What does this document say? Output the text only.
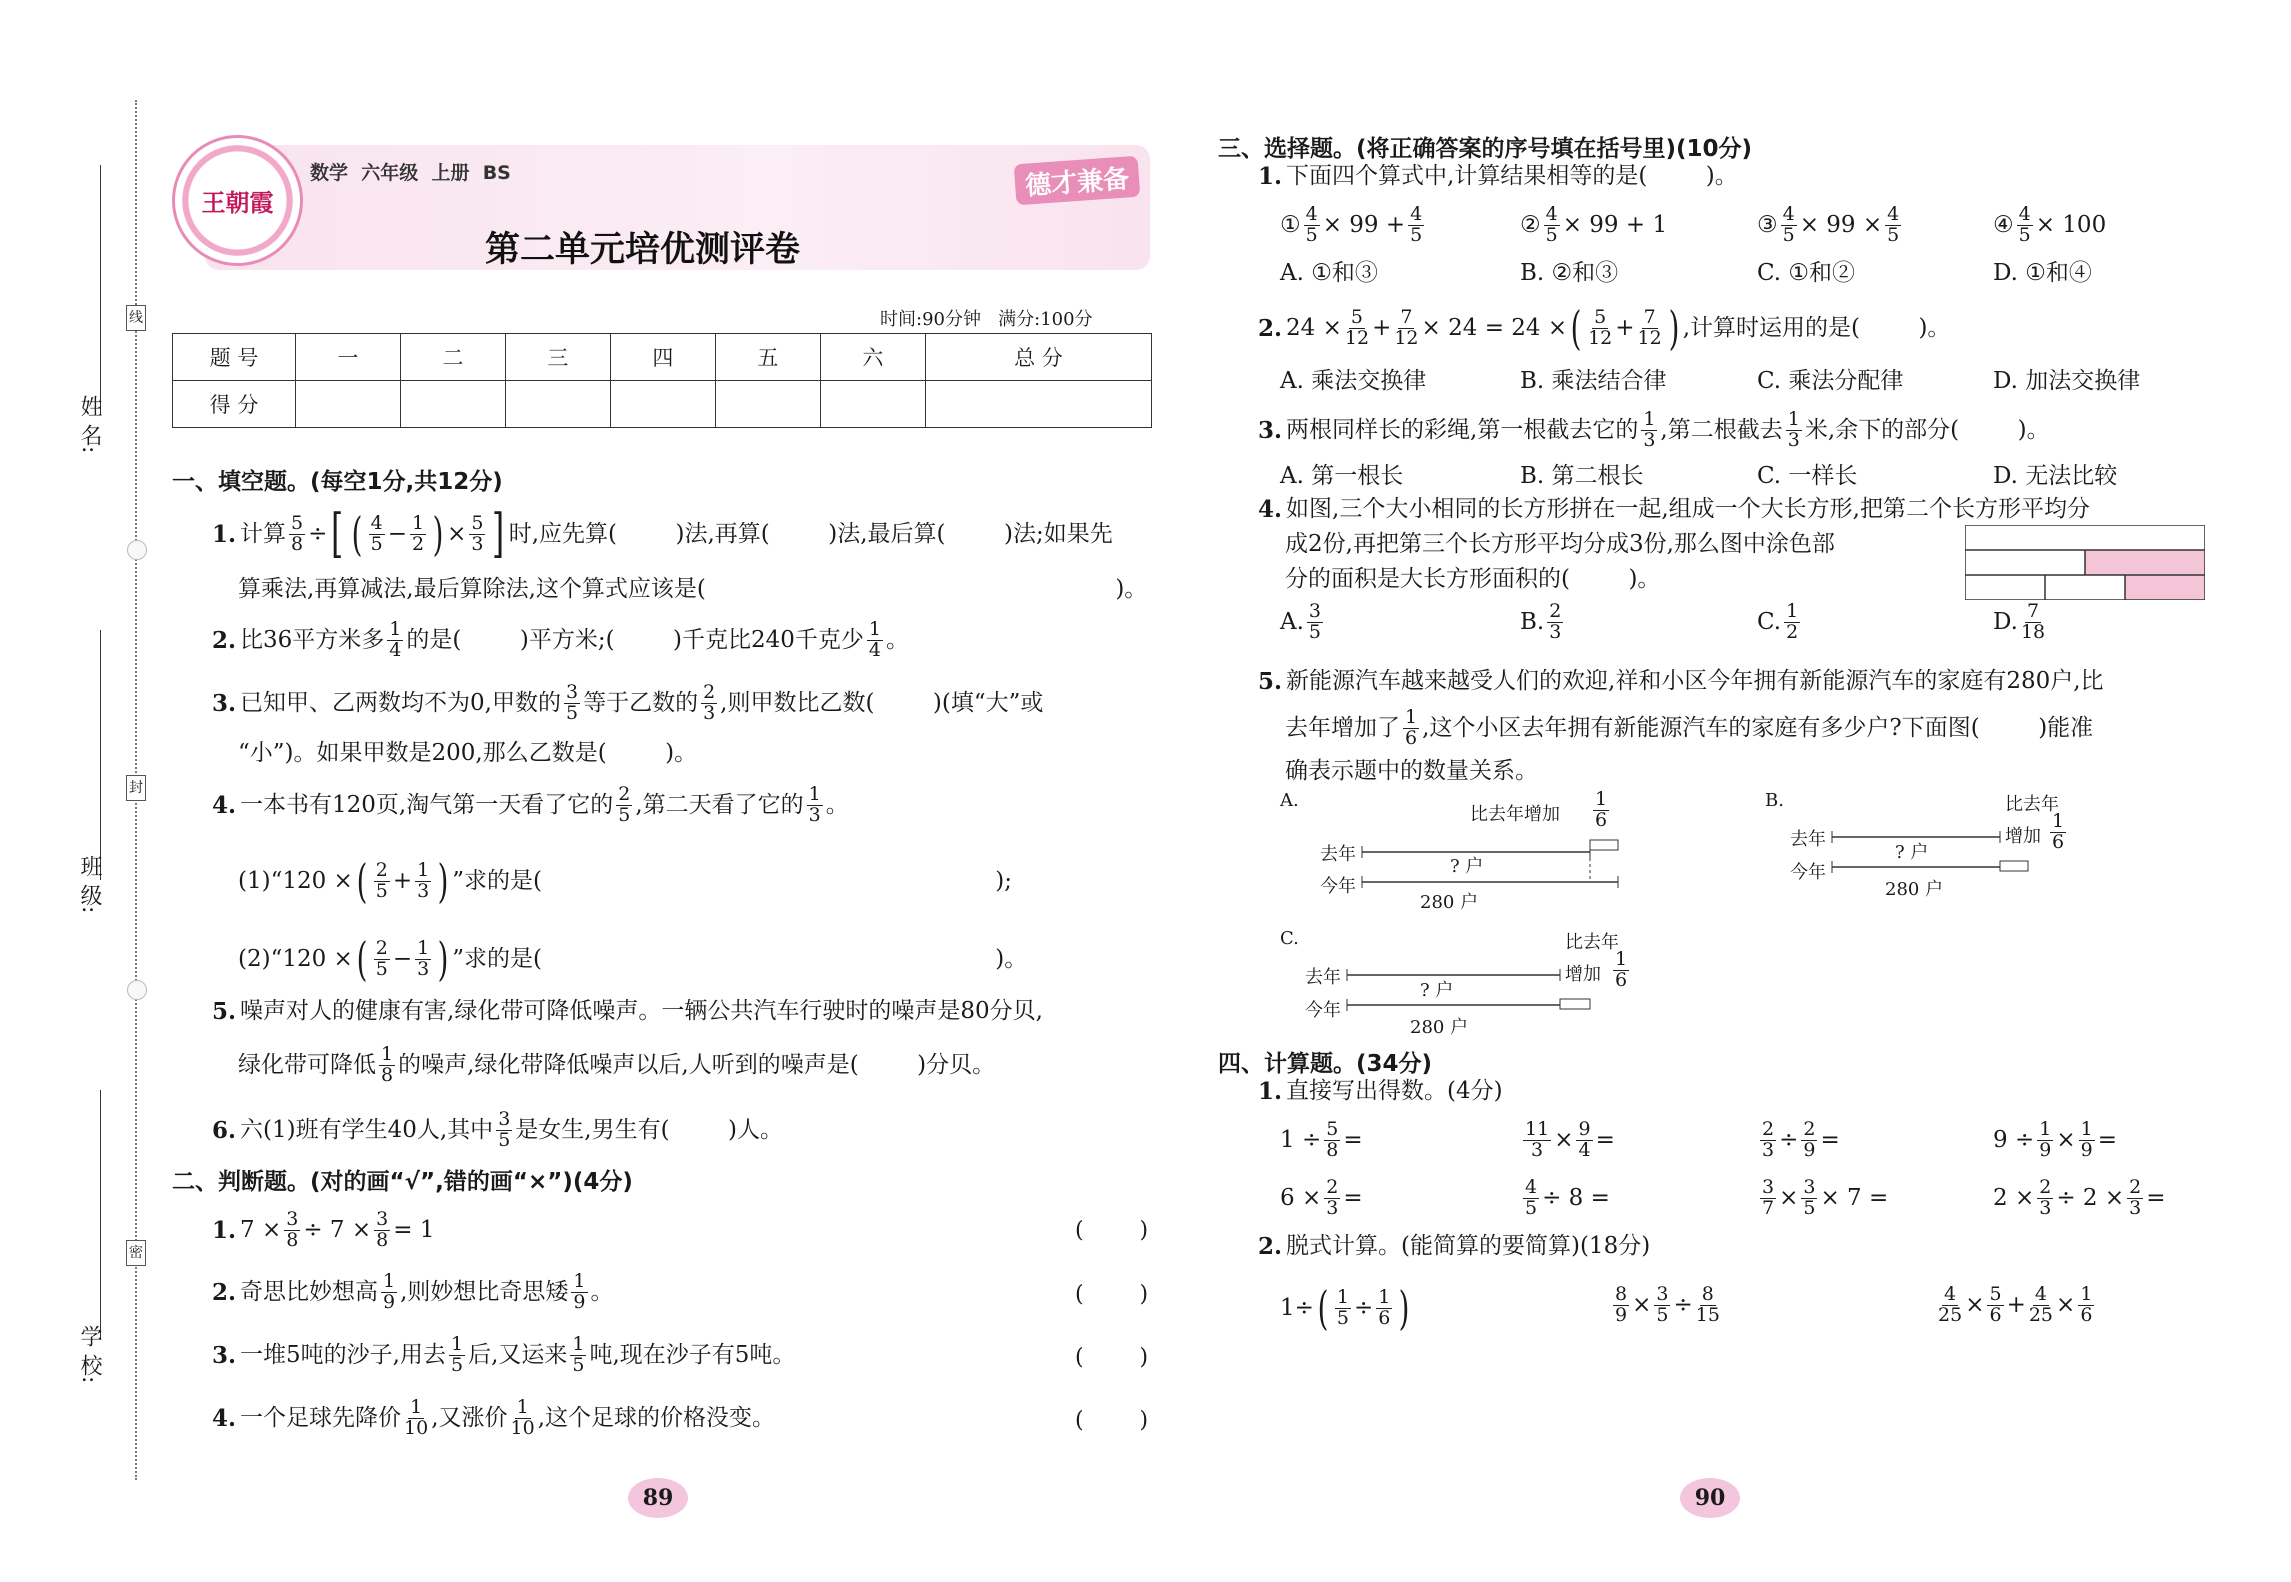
姓 名:
班 级:
学 校:
线
封
密
王朝霞
数学  六年级  上册  BS
第二单元培优测评卷
德才兼备
时间:90分钟   满分:100分
题 号	一	二	三	四	五	六	总 分
得 分							
一、填空题。(每空1分,共12分)
1. 计算 $\frac{5}{8}$ ÷ [ ( $\frac{4}{5} - \frac{1}{2}$ ) × $\frac{5}{3}$ ] 时,应先算(        )法,再算(        )法,最后算(        )法;如果先
算乘法,再算减法,最后算除法,这个算式应该是(                                                        )。
2. 比36平方米多 $\frac{1}{4}$ 的是(        )平方米;(        )千克比240千克少 $\frac{1}{4}$ 。
3. 已知甲、乙两数均不为0,甲数的 $\frac{3}{5}$ 等于乙数的 $\frac{2}{3}$ ,则甲数比乙数(        )(填“大”或
“小”)。如果甲数是200,那么乙数是(        )。
4. 一本书有120页,淘气第一天看了它的 $\frac{2}{5}$ ,第二天看了它的 $\frac{1}{3}$ 。
(1)“120 × ( $\frac{2}{5} + \frac{1}{3}$ ) ”求的是(                                                              );
(2)“120 × ( $\frac{2}{5} - \frac{1}{3}$ ) ”求的是(                                                              )。
5. 噪声对人的健康有害,绿化带可降低噪声。一辆公共汽车行驶时的噪声是80分贝,
绿化带可降低 $\frac{1}{8}$ 的噪声,绿化带降低噪声以后,人听到的噪声是(        )分贝。
6. 六(1)班有学生40人,其中 $\frac{3}{5}$ 是女生,男生有(        )人。
二、判断题。(对的画“√”,错的画“×”)(4分)
1. $7 \times \frac{3}{8} \div 7 \times \frac{3}{8} = 1$	(        )
2. 奇思比妙想高 $\frac{1}{9}$ ,则妙想比奇思矮 $\frac{1}{9}$ 。	(        )
3. 一堆5吨的沙子,用去 $\frac{1}{5}$ 后,又运来 $\frac{1}{5}$ 吨,现在沙子有5吨。	(        )
4. 一个足球先降价 $\frac{1}{10}$ ,又涨价 $\frac{1}{10}$ ,这个足球的价格没变。	(        )
89
三、选择题。(将正确答案的序号填在括号里)(10分)
1. 下面四个算式中,计算结果相等的是(        )。
① $\frac{4}{5} \times 99 + \frac{4}{5}$	② $\frac{4}{5} \times 99 + 1$	③ $\frac{4}{5} \times 99 \times \frac{4}{5}$	④ $\frac{4}{5} \times 100$
A. ①和③	B. ②和③	C. ①和②	D. ①和④
2. $24 \times \frac{5}{12} + \frac{7}{12} \times 24 = 24$ × ( $\frac{5}{12} + \frac{7}{12}$ ) ,计算时运用的是(        )。
A. 乘法交换律	B. 乘法结合律	C. 乘法分配律	D. 加法交换律
3. 两根同样长的彩绳,第一根截去它的 $\frac{1}{3}$ ,第二根截去 $\frac{1}{3}$ 米,余下的部分(        )。
A. 第一根长	B. 第二根长	C. 一样长	D. 无法比较
4. 如图,三个大小相同的长方形拼在一起,组成一个大长方形,把第二个长方形平均分
成2份,再把第三个长方形平均分成3份,那么图中涂色部
分的面积是大长方形面积的(        )。
A. $\frac{3}{5}$	B. $\frac{2}{3}$	C. $\frac{1}{2}$	D. $\frac{7}{18}$
5. 新能源汽车越来越受人们的欢迎,祥和小区今年拥有新能源汽车的家庭有280户,比
去年增加了 $\frac{1}{6}$ ,这个小区去年拥有新能源汽车的家庭有多少户?下面图(        )能准
确表示题中的数量关系。
A.
比去年增加 $\frac{1}{6}$
去年
今年
? 户
280 户
B.	比去年
增加 $\frac{1}{6}$
去年
今年
? 户
280 户
C.	比去年
增加 $\frac{1}{6}$
去年
今年
? 户
280 户
四、计算题。(34分)
1. 直接写出得数。(4分)
$1 \div \frac{5}{8}$ =	$\frac{11}{3} \times \frac{9}{4}$ =	$\frac{2}{3} \div \frac{2}{9}$ =	$9 \div \frac{1}{9} \times \frac{1}{9}$ =
$6 \times \frac{2}{3}$ =	$\frac{4}{5} \div 8$ =	$\frac{3}{7} \times \frac{3}{5} \times 7$ =	$2 \times \frac{2}{3} \div 2 \times \frac{2}{3}$ =
2. 脱式计算。(能简算的要简算)(18分)
1÷ ( $\frac{1}{5} \div \frac{1}{6}$ )	$\frac{8}{9} \times \frac{3}{5} \div \frac{8}{15}$	$\frac{4}{25} \times \frac{5}{6} + \frac{4}{25} \times \frac{1}{6}$
90
